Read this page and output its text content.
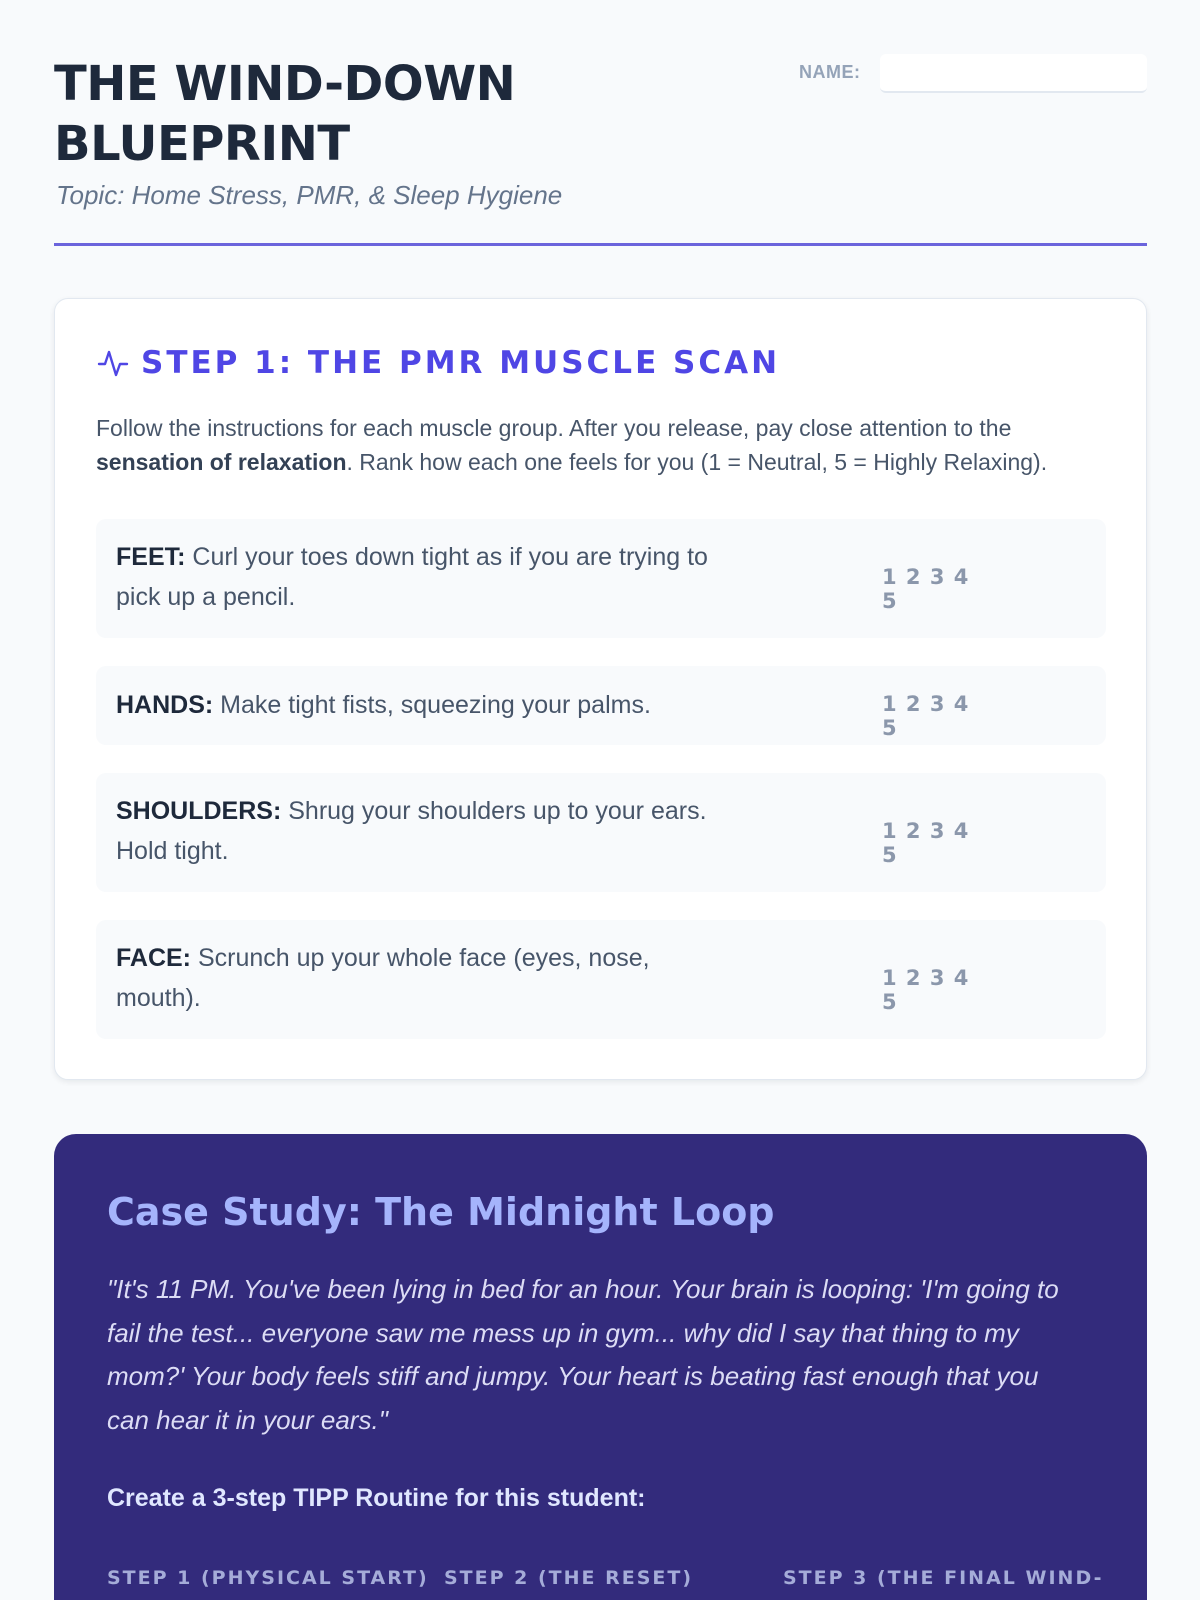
THE WIND-DOWN
BLUEPRINT
Topic: Home Stress, PMR, & Sleep Hygiene
NAME:
STEP 1: THE PMR MUSCLE SCAN

Follow the instructions for each muscle group. After you release, pay close attention to the sensation of relaxation. Rank how each one feels for you (1 = Neutral, 5 = Highly Relaxing).

FEET: Curl your toes down tight as if you are trying to pick up a pencil.
1 2 3 4 5
HANDS: Make tight fists, squeezing your palms.	1 2 3 4 5
SHOULDERS: Shrug your shoulders up to your ears. Hold tight.
1 2 3 4 5
FACE: Scrunch up your whole face (eyes, nose, mouth).
1 2 3 4 5
Case Study: The Midnight Loop

"It's 11 PM. You've been lying in bed for an hour. Your brain is looping: 'I'm going to fail the test... everyone saw me mess up in gym... why did I say that thing to my mom?' Your body feels stiff and jumpy. Your heart is beating fast enough that you can hear it in your ears."

Create a 3-step TIPP Routine for this student:
STEP 1 (PHYSICAL START) STEP 2 (THE RESET)	STEP 3 (THE FINAL WIND-
